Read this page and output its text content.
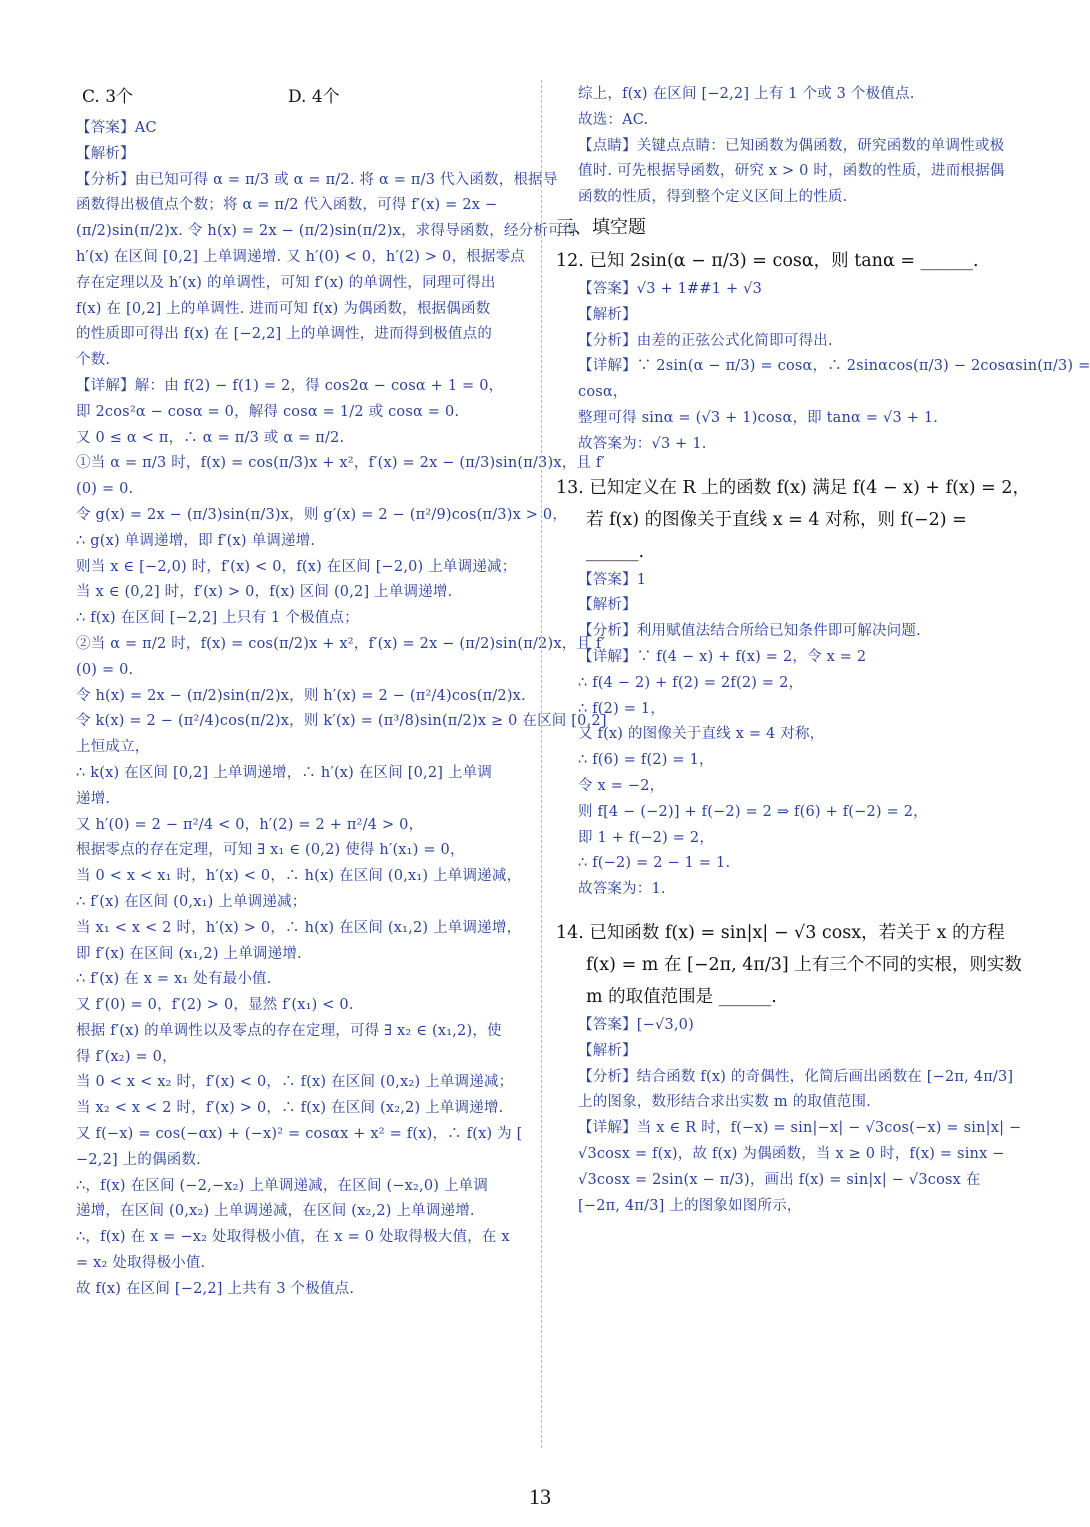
C. 3个	D. 4个
【答案】AC
【解析】
【分析】由已知可得 α = π/3 或 α = π/2. 将 α = π/3 代入函数，根据导
函数得出极值点个数；将 α = π/2 代入函数，可得 f′(x) = 2x −
(π/2)sin(π/2)x. 令 h(x) = 2x − (π/2)sin(π/2)x，求得导函数，经分析可得
h′(x) 在区间 [0,2] 上单调递增. 又 h′(0) < 0，h′(2) > 0，根据零点
存在定理以及 h′(x) 的单调性，可知 f′(x) 的单调性，同理可得出
f(x) 在 [0,2] 上的单调性. 进而可知 f(x) 为偶函数，根据偶函数
的性质即可得出 f(x) 在 [−2,2] 上的单调性，进而得到极值点的
个数.
【详解】解：由 f(2) − f(1) = 2，得 cos2α − cosα + 1 = 0，
即 2cos²α − cosα = 0，解得 cosα = 1/2 或 cosα = 0.
又 0 ≤ α < π，∴ α = π/3 或 α = π/2.
①当 α = π/3 时，f(x) = cos(π/3)x + x²，f′(x) = 2x − (π/3)sin(π/3)x，且 f′
(0) = 0.
令 g(x) = 2x − (π/3)sin(π/3)x，则 g′(x) = 2 − (π²/9)cos(π/3)x > 0，
∴ g(x) 单调递增，即 f′(x) 单调递增.
则当 x ∈ [−2,0) 时，f′(x) < 0，f(x) 在区间 [−2,0) 上单调递减；
当 x ∈ (0,2] 时，f′(x) > 0，f(x) 区间 (0,2] 上单调递增.
∴ f(x) 在区间 [−2,2] 上只有 1 个极值点；
②当 α = π/2 时，f(x) = cos(π/2)x + x²，f′(x) = 2x − (π/2)sin(π/2)x，且 f′
(0) = 0.
令 h(x) = 2x − (π/2)sin(π/2)x，则 h′(x) = 2 − (π²/4)cos(π/2)x.
令 k(x) = 2 − (π²/4)cos(π/2)x，则 k′(x) = (π³/8)sin(π/2)x ≥ 0 在区间 [0,2]
上恒成立，
∴ k(x) 在区间 [0,2] 上单调递增，∴ h′(x) 在区间 [0,2] 上单调
递增.
又 h′(0) = 2 − π²/4 < 0，h′(2) = 2 + π²/4 > 0，
根据零点的存在定理，可知 ∃ x₁ ∈ (0,2) 使得 h′(x₁) = 0，
当 0 < x < x₁ 时，h′(x) < 0，∴ h(x) 在区间 (0,x₁) 上单调递减，
∴ f′(x) 在区间 (0,x₁) 上单调递减；
当 x₁ < x < 2 时，h′(x) > 0，∴ h(x) 在区间 (x₁,2) 上单调递增，
即 f′(x) 在区间 (x₁,2) 上单调递增.
∴ f′(x) 在 x = x₁ 处有最小值.
又 f′(0) = 0，f′(2) > 0，显然 f′(x₁) < 0.
根据 f′(x) 的单调性以及零点的存在定理，可得 ∃ x₂ ∈ (x₁,2)，使
得 f′(x₂) = 0，
当 0 < x < x₂ 时，f′(x) < 0，∴ f(x) 在区间 (0,x₂) 上单调递减；
当 x₂ < x < 2 时，f′(x) > 0，∴ f(x) 在区间 (x₂,2) 上单调递增.
又 f(−x) = cos(−αx) + (−x)² = cosαx + x² = f(x)，∴ f(x) 为 [
−2,2] 上的偶函数.
∴，f(x) 在区间 (−2,−x₂) 上单调递减，在区间 (−x₂,0) 上单调
递增，在区间 (0,x₂) 上单调递减，在区间 (x₂,2) 上单调递增.
∴，f(x) 在 x = −x₂ 处取得极小值，在 x = 0 处取得极大值，在 x
= x₂ 处取得极小值.
故 f(x) 在区间 [−2,2] 上共有 3 个极值点.
综上，f(x) 在区间 [−2,2] 上有 1 个或 3 个极值点.
故选：AC.
【点睛】关键点点睛：已知函数为偶函数，研究函数的单调性或极
值时. 可先根据导函数，研究 x > 0 时，函数的性质，进而根据偶
函数的性质，得到整个定义区间上的性质.
三、填空题
12. 已知 2sin(α − π/3) = cosα，则 tanα = ______.
【答案】√3 + 1##1 + √3
【解析】
【分析】由差的正弦公式化简即可得出.
【详解】∵ 2sin(α − π/3) = cosα，∴ 2sinαcos(π/3) − 2cosαsin(π/3) =
cosα，
整理可得 sinα = (√3 + 1)cosα，即 tanα = √3 + 1.
故答案为：√3 + 1.
13. 已知定义在 R 上的函数 f(x) 满足 f(4 − x) + f(x) = 2，
若 f(x) 的图像关于直线 x = 4 对称，则 f(−2) =
______.
【答案】1
【解析】
【分析】利用赋值法结合所给已知条件即可解决问题.
【详解】∵ f(4 − x) + f(x) = 2，令 x = 2
∴ f(4 − 2) + f(2) = 2f(2) = 2，
∴ f(2) = 1，
又 f(x) 的图像关于直线 x = 4 对称，
∴ f(6) = f(2) = 1，
令 x = −2，
则 f[4 − (−2)] + f(−2) = 2 ⇒ f(6) + f(−2) = 2，
即 1 + f(−2) = 2，
∴ f(−2) = 2 − 1 = 1.
故答案为：1.
14. 已知函数 f(x) = sin|x| − √3 cosx，若关于 x 的方程
f(x) = m 在 [−2π, 4π/3] 上有三个不同的实根，则实数
m 的取值范围是 ______.
【答案】[−√3,0)
【解析】
【分析】结合函数 f(x) 的奇偶性，化简后画出函数在 [−2π, 4π/3]
上的图象，数形结合求出实数 m 的取值范围.
【详解】当 x ∈ R 时，f(−x) = sin|−x| − √3cos(−x) = sin|x| −
√3cosx = f(x)，故 f(x) 为偶函数，当 x ≥ 0 时，f(x) = sinx −
√3cosx = 2sin(x − π/3)，画出 f(x) = sin|x| − √3cosx 在
[−2π, 4π/3] 上的图象如图所示，
13
